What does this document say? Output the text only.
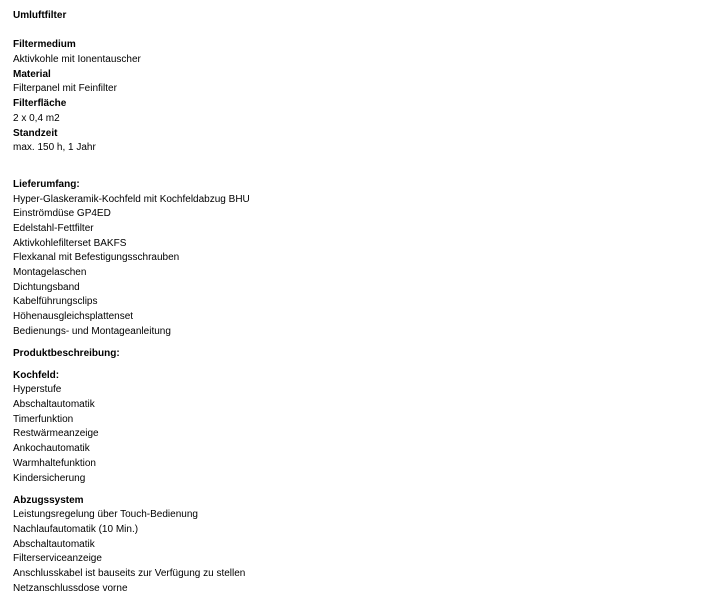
Umluftfilter
Filtermedium
Aktivkohle mit Ionentauscher
Material
Filterpanel mit Feinfilter
Filterfläche
2 x 0,4 m2
Standzeit
max. 150 h, 1 Jahr
Lieferumfang:
Hyper-Glaskeramik-Kochfeld mit Kochfeldabzug BHU
Einströmdüse GP4ED
Edelstahl-Fettfilter
Aktivkohlefilterset BAKFS
Flexkanal mit Befestigungsschrauben
Montagelaschen
Dichtungsband
Kabelführungsclips
Höhenausgleichsplattenset
Bedienungs- und Montageanleitung
Produktbeschreibung:
Kochfeld:
Hyperstufe
Abschaltautomatik
Timerfunktion
Restwärmeanzeige
Ankochautomatik
Warmhaltefunktion
Kindersicherung
Abzugssystem
Leistungsregelung über Touch-Bedienung
Nachlaufautomatik (10 Min.)
Abschaltautomatik
Filterserviceanzeige
Anschlusskabel ist bauseits zur Verfügung zu stellen
Netzanschlussdose vorne
